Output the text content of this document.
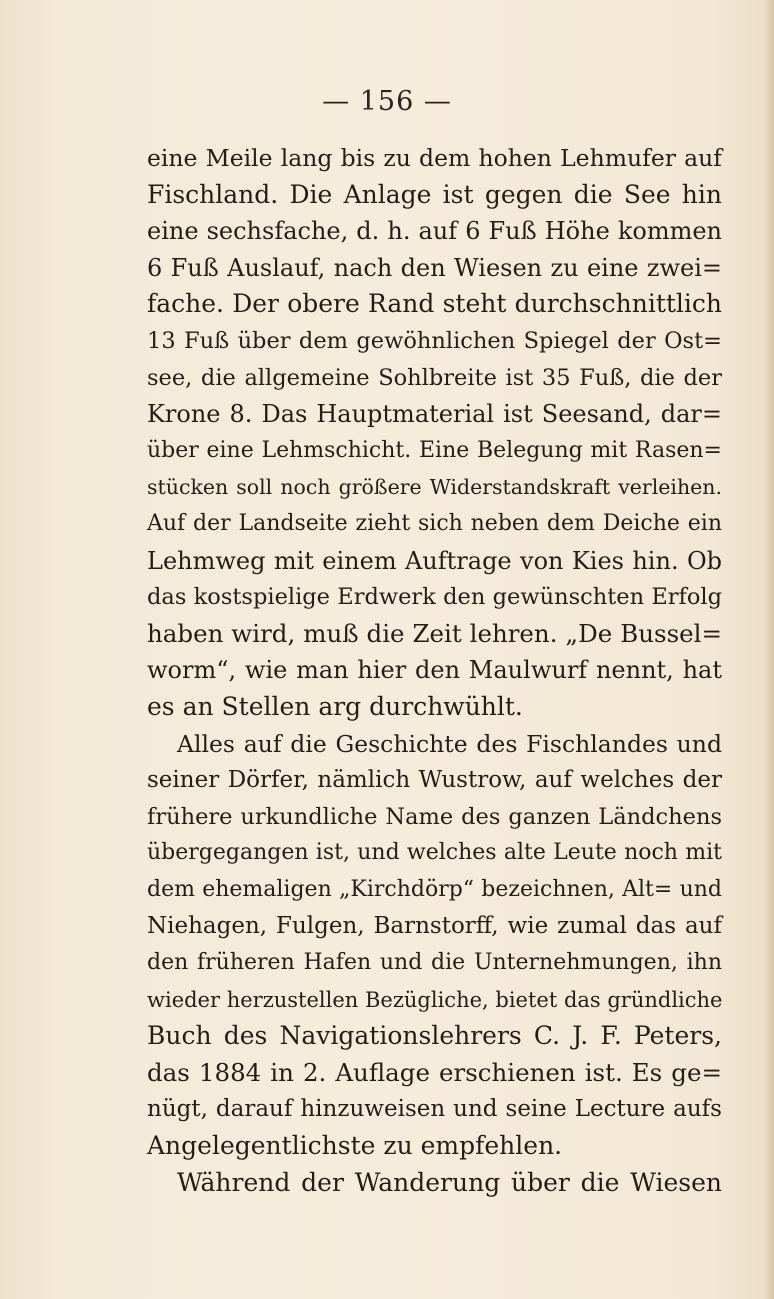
— 156 —
eine Meile lang bis zu dem hohen Lehmufer auf
Fischland. Die Anlage ist gegen die See hin
eine sechsfache, d. h. auf 6 Fuß Höhe kommen
6 Fuß Auslauf, nach den Wiesen zu eine zwei=
fache. Der obere Rand steht durchschnittlich
13 Fuß über dem gewöhnlichen Spiegel der Ost=
see, die allgemeine Sohlbreite ist 35 Fuß, die der
Krone 8. Das Hauptmaterial ist Seesand, dar=
über eine Lehmschicht. Eine Belegung mit Rasen=
stücken soll noch größere Widerstandskraft verleihen.
Auf der Landseite zieht sich neben dem Deiche ein
Lehmweg mit einem Auftrage von Kies hin. Ob
das kostspielige Erdwerk den gewünschten Erfolg
haben wird, muß die Zeit lehren. „De Bussel=
worm“, wie man hier den Maulwurf nennt, hat
es an Stellen arg durchwühlt.
Alles auf die Geschichte des Fischlandes und
seiner Dörfer, nämlich Wustrow, auf welches der
frühere urkundliche Name des ganzen Ländchens
übergegangen ist, und welches alte Leute noch mit
dem ehemaligen „Kirchdörp“ bezeichnen, Alt= und
Niehagen, Fulgen, Barnstorff, wie zumal das auf
den früheren Hafen und die Unternehmungen, ihn
wieder herzustellen Bezügliche, bietet das gründliche
Buch des Navigationslehrers C. J. F. Peters,
das 1884 in 2. Auflage erschienen ist. Es ge=
nügt, darauf hinzuweisen und seine Lecture aufs
Angelegentlichste zu empfehlen.
Während der Wanderung über die Wiesen
